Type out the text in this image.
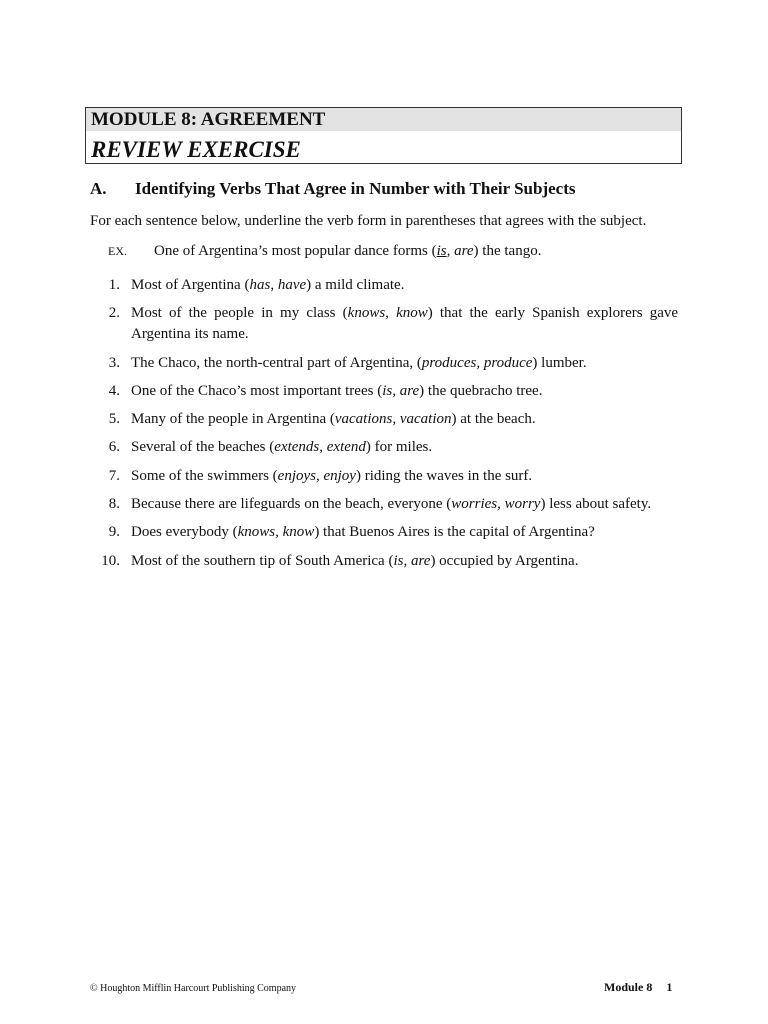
MODULE 8: AGREEMENT
REVIEW EXERCISE
A. Identifying Verbs That Agree in Number with Their Subjects
For each sentence below, underline the verb form in parentheses that agrees with the subject.
EX. One of Argentina’s most popular dance forms (is, are) the tango.
1. Most of Argentina (has, have) a mild climate.
2. Most of the people in my class (knows, know) that the early Spanish explorers gave Argentina its name.
3. The Chaco, the north-central part of Argentina, (produces, produce) lumber.
4. One of the Chaco’s most important trees (is, are) the quebracho tree.
5. Many of the people in Argentina (vacations, vacation) at the beach.
6. Several of the beaches (extends, extend) for miles.
7. Some of the swimmers (enjoys, enjoy) riding the waves in the surf.
8. Because there are lifeguards on the beach, everyone (worries, worry) less about safety.
9. Does everybody (knows, know) that Buenos Aires is the capital of Argentina?
10. Most of the southern tip of South America (is, are) occupied by Argentina.
© Houghton Mifflin Harcourt Publishing Company	Module 8 1
